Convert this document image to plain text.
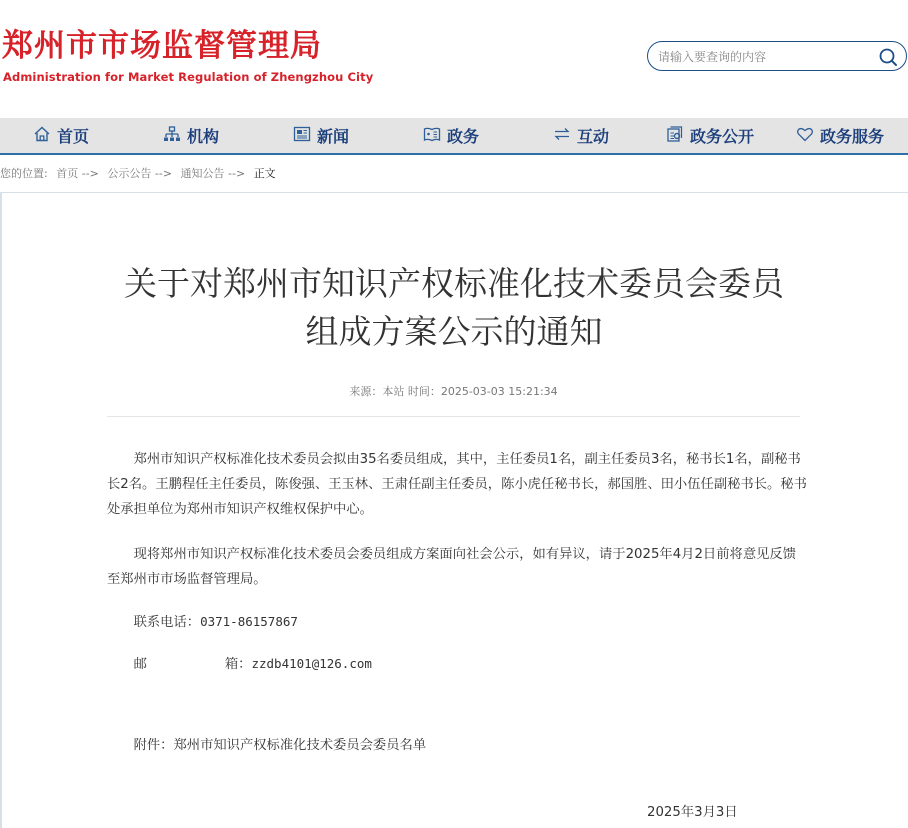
郑州市市场监督管理局
Administration for Market Regulation of Zhengzhou City
请输入要查询的内容
首页	机构	新闻	政务	互动	政务公开	政务服务
您的位置: 首页 --> 公示公告 --> 通知公告 --> 正文
关于对郑州市知识产权标准化技术委员会委员
组成方案公示的通知
来源：本站 时间：2025-03-03 15:21:34

郑州市知识产权标准化技术委员会拟由35名委员组成，其中，主任委员1名，副主任委员3名，秘书长1名，副秘书长2名。王鹏程任主任委员，陈俊强、王玉林、王肃任副主任委员，陈小虎任秘书长，郝国胜、田小伍任副秘书长。秘书处承担单位为郑州市知识产权维权保护中心。

现将郑州市知识产权标准化技术委员会委员组成方案面向社会公示，如有异议，请于2025年4月2日前将意见反馈至郑州市市场监督管理局。

联系电话：0371-86157867

邮	箱：zzdb4101@126.com

附件：郑州市知识产权标准化技术委员会委员名单

2025年3月3日
